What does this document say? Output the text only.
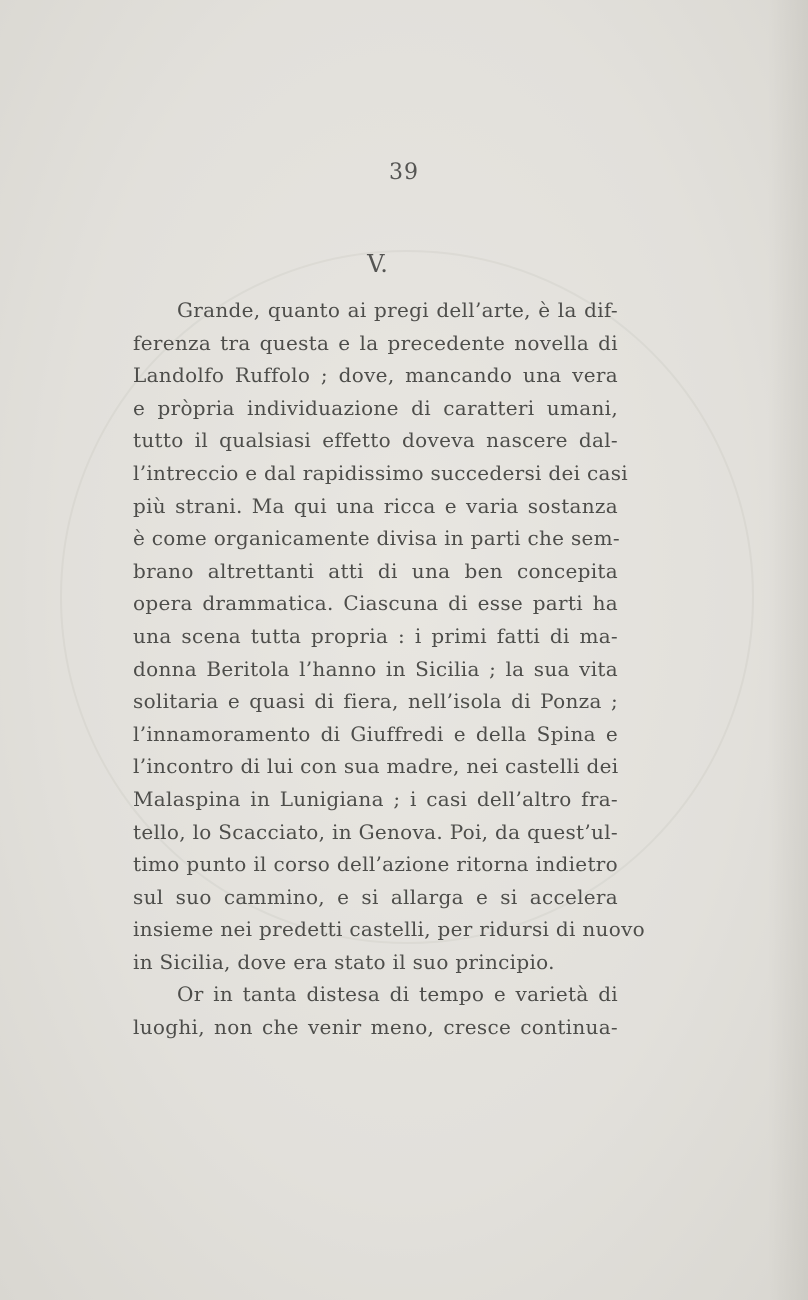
39
V.
Grande, quanto ai pregi dell’arte, è la dif-
ferenza tra questa e la precedente novella di
Landolfo Ruffolo ; dove, mancando una vera
e pròpria individuazione di caratteri umani,
tutto il qualsiasi effetto doveva nascere dal-
l’intreccio e dal rapidissimo succedersi dei casi
più strani. Ma qui una ricca e varia sostanza
è come organicamente divisa in parti che sem-
brano altrettanti atti di una ben concepita
opera drammatica. Ciascuna di esse parti ha
una scena tutta propria : i primi fatti di ma-
donna Beritola l’hanno in Sicilia ; la sua vita
solitaria e quasi di fiera, nell’isola di Ponza ;
l’innamoramento di Giuffredi e della Spina e
l’incontro di lui con sua madre, nei castelli dei
Malaspina in Lunigiana ; i casi dell’altro fra-
tello, lo Scacciato, in Genova. Poi, da quest’ul-
timo punto il corso dell’azione ritorna indietro
sul suo cammino, e si allarga e si accelera
insieme nei predetti castelli, per ridursi di nuovo
in Sicilia, dove era stato il suo principio.
Or in tanta distesa di tempo e varietà di
luoghi, non che venir meno, cresce continua-
